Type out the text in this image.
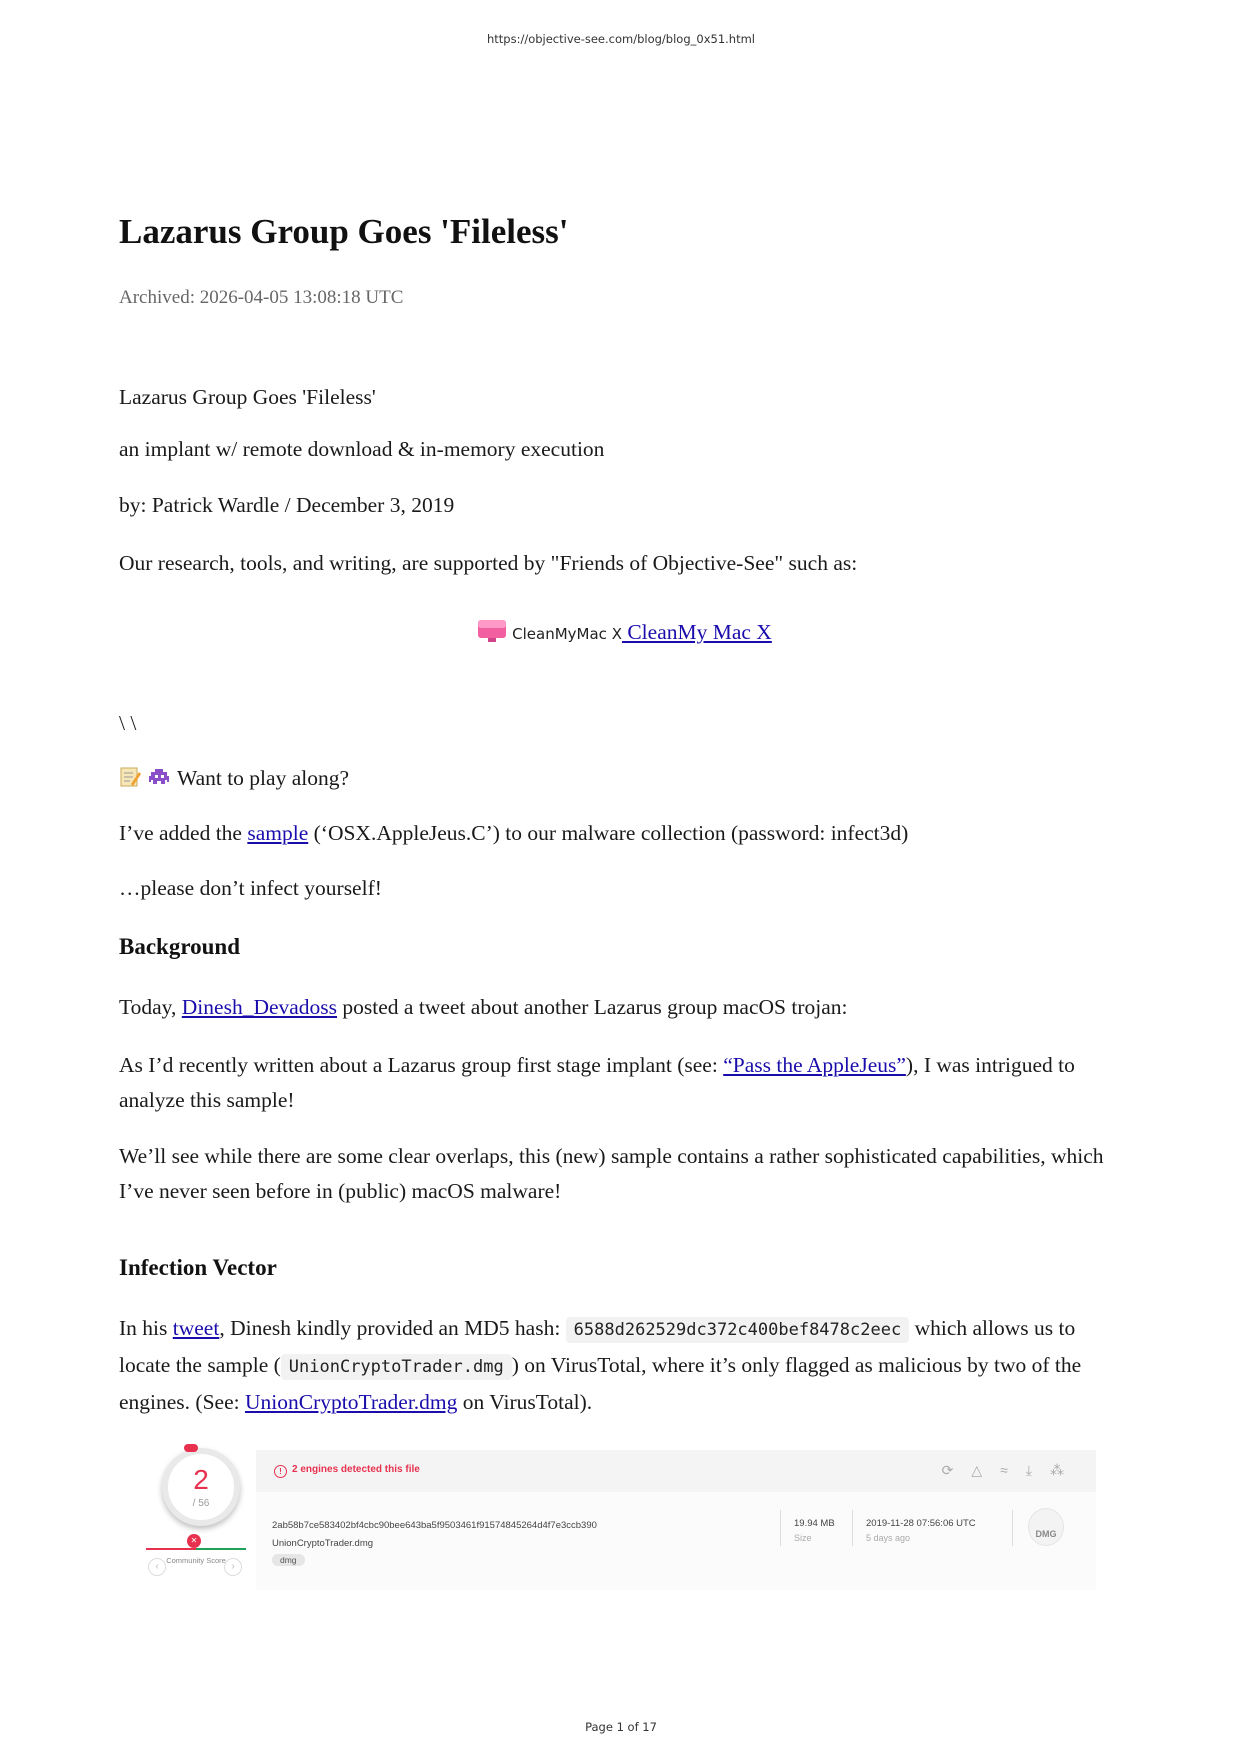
https://objective-see.com/blog/blog_0x51.html
Lazarus Group Goes 'Fileless'
Archived: 2026-04-05 13:08:18 UTC

Lazarus Group Goes 'Fileless'

an implant w/ remote download & in-memory execution

by: Patrick Wardle / December 3, 2019

Our research, tools, and writing, are supported by "Friends of Objective-See" such as:

CleanMyMac X CleanMy Mac X

\ \

Want to play along?

I’ve added the sample (‘OSX.AppleJeus.C’) to our malware collection (password: infect3d)

…please don’t infect yourself!

Background

Today, Dinesh_Devadoss posted a tweet about another Lazarus group macOS trojan:

As I’d recently written about a Lazarus group first stage implant (see: “Pass the AppleJeus”), I was intrigued to analyze this sample!

We’ll see while there are some clear overlaps, this (new) sample contains a rather sophisticated capabilities, which I’ve never seen before in (public) macOS malware!

Infection Vector

In his tweet, Dinesh kindly provided an MD5 hash: 6588d262529dc372c400bef8478c2eec which allows us to locate the sample ( UnionCryptoTrader.dmg ) on VirusTotal, where it’s only flagged as malicious by two of the engines. (See: UnionCryptoTrader.dmg on VirusTotal).

2
/ 56
✕
‹
Community Score
›
! 2 engines detected this file	⟳△≈⤓⁂
2ab58b7ce583402bf4cbc90bee643ba5f9503461f91574845264d4f7e3ccb390
UnionCryptoTrader.dmg
dmg
19.94 MB
Size
2019-11-28 07:56:06 UTC
5 days ago	DMG
Page 1 of 17
